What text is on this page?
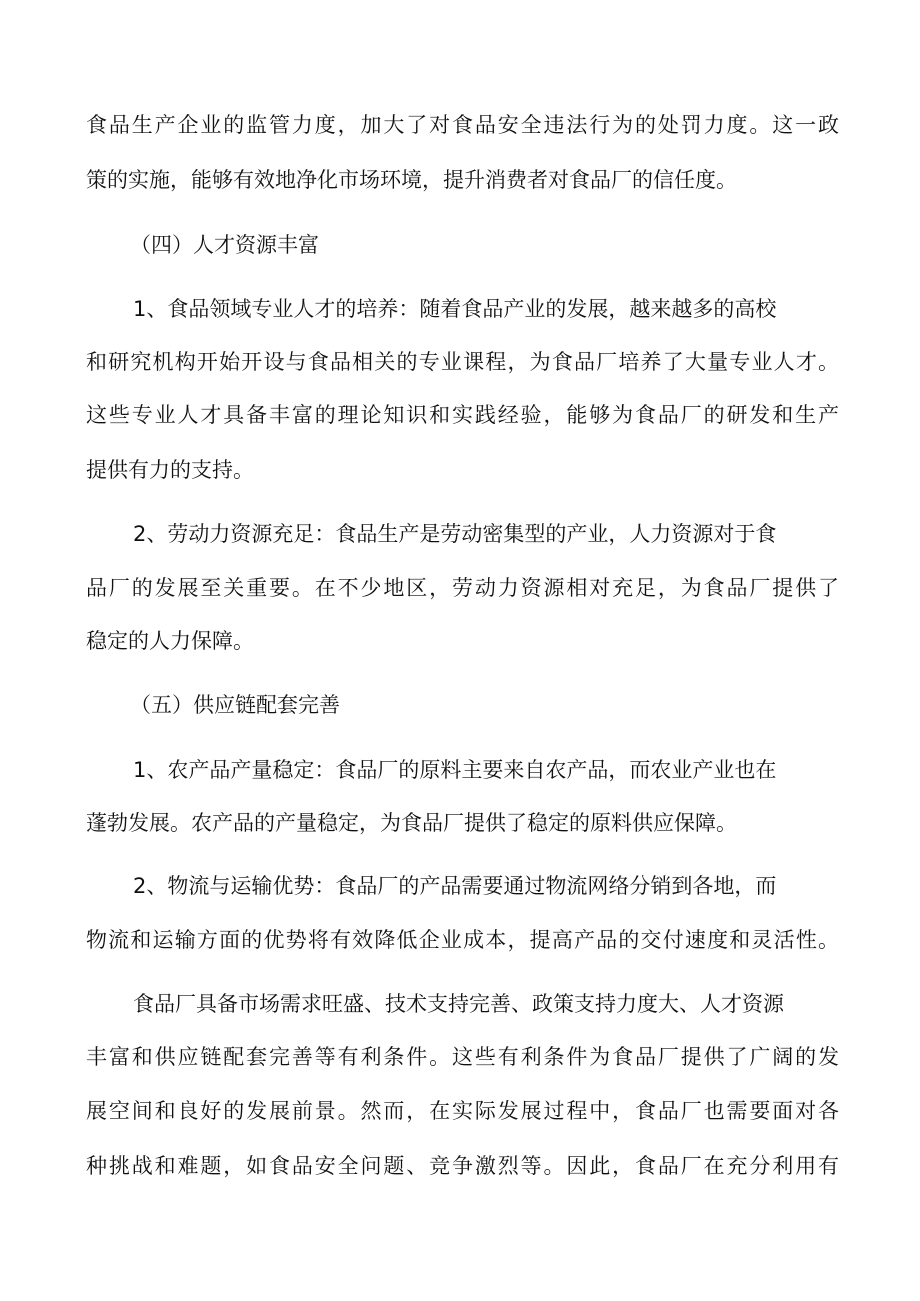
食品生产企业的监管力度，加大了对食品安全违法行为的处罚力度。这一政
策的实施，能够有效地净化市场环境，提升消费者对食品厂的信任度。
（四）人才资源丰富
1、食品领域专业人才的培养：随着食品产业的发展，越来越多的高校
和研究机构开始开设与食品相关的专业课程，为食品厂培养了大量专业人才。
这些专业人才具备丰富的理论知识和实践经验，能够为食品厂的研发和生产
提供有力的支持。
2、劳动力资源充足：食品生产是劳动密集型的产业，人力资源对于食
品厂的发展至关重要。在不少地区，劳动力资源相对充足，为食品厂提供了
稳定的人力保障。
（五）供应链配套完善
1、农产品产量稳定：食品厂的原料主要来自农产品，而农业产业也在
蓬勃发展。农产品的产量稳定，为食品厂提供了稳定的原料供应保障。
2、物流与运输优势：食品厂的产品需要通过物流网络分销到各地，而
物流和运输方面的优势将有效降低企业成本，提高产品的交付速度和灵活性。
食品厂具备市场需求旺盛、技术支持完善、政策支持力度大、人才资源
丰富和供应链配套完善等有利条件。这些有利条件为食品厂提供了广阔的发
展空间和良好的发展前景。然而，在实际发展过程中，食品厂也需要面对各
种挑战和难题，如食品安全问题、竞争激烈等。因此，食品厂在充分利用有
